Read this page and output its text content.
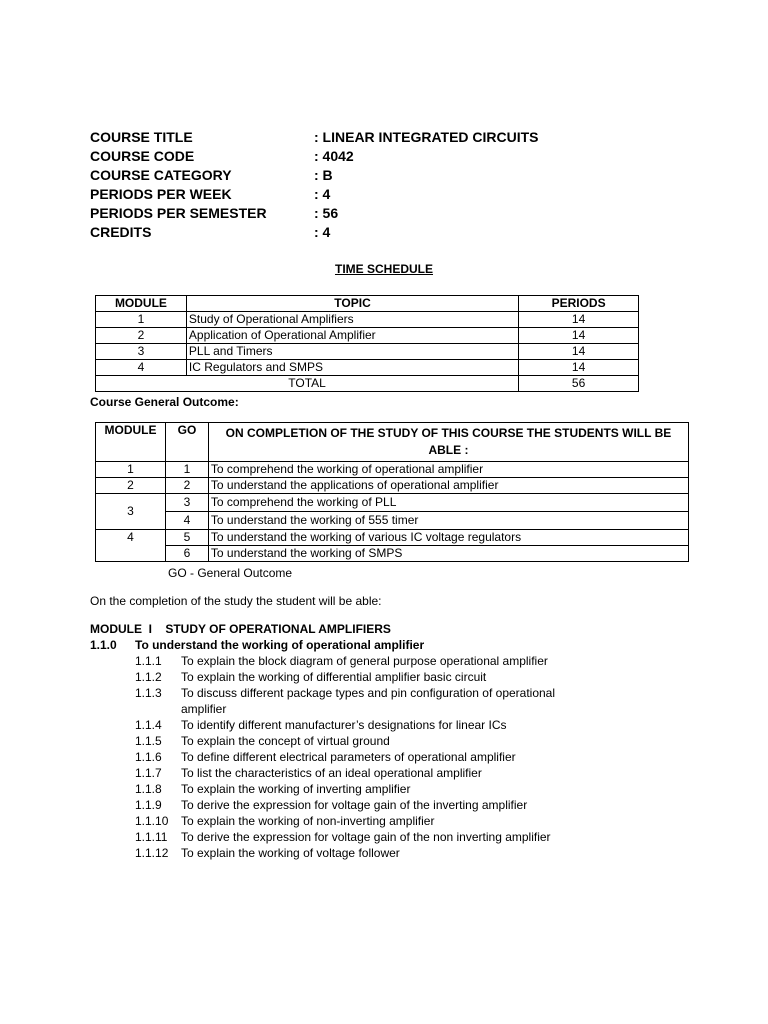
COURSE TITLE	: LINEAR INTEGRATED CIRCUITS
COURSE CODE	: 4042
COURSE CATEGORY	: B
PERIODS PER WEEK	: 4
PERIODS PER SEMESTER	: 56
CREDITS	: 4
TIME SCHEDULE
MODULE	TOPIC	PERIODS
1	Study of Operational Amplifiers	14
2	Application of Operational Amplifier	14
3	PLL and Timers	14
4	IC Regulators and SMPS	14
TOTAL		56
Course General Outcome:
MODULE	GO	ON COMPLETION OF THE STUDY OF THIS COURSE THE STUDENTS WILL BE ABLE :
1	1	To comprehend the working of operational amplifier
2	2	To understand the applications of operational amplifier
3	3	To comprehend the working of PLL
	4	To understand the working of 555 timer
4	5	To understand the working of various IC voltage regulators
	6	To understand the working of SMPS
GO - General Outcome
On the completion of the study the student will be able:
MODULE  I    STUDY OF OPERATIONAL AMPLIFIERS
1.1.0 To understand the working of operational amplifier
1.1.1 To explain the block diagram of general purpose operational amplifier
1.1.2 To explain the working of differential amplifier basic circuit
1.1.3 To discuss different package types and pin configuration of operational amplifier
1.1.4 To identify different manufacturer’s designations for linear ICs
1.1.5 To explain the concept of virtual ground
1.1.6 To define different electrical parameters of operational amplifier
1.1.7 To list the characteristics of an ideal operational amplifier
1.1.8 To explain the working of inverting amplifier
1.1.9 To derive the expression for voltage gain of the inverting amplifier
1.1.10 To explain the working of non-inverting amplifier
1.1.11 To derive the expression for voltage gain of the non inverting amplifier
1.1.12 To explain the working of voltage follower
